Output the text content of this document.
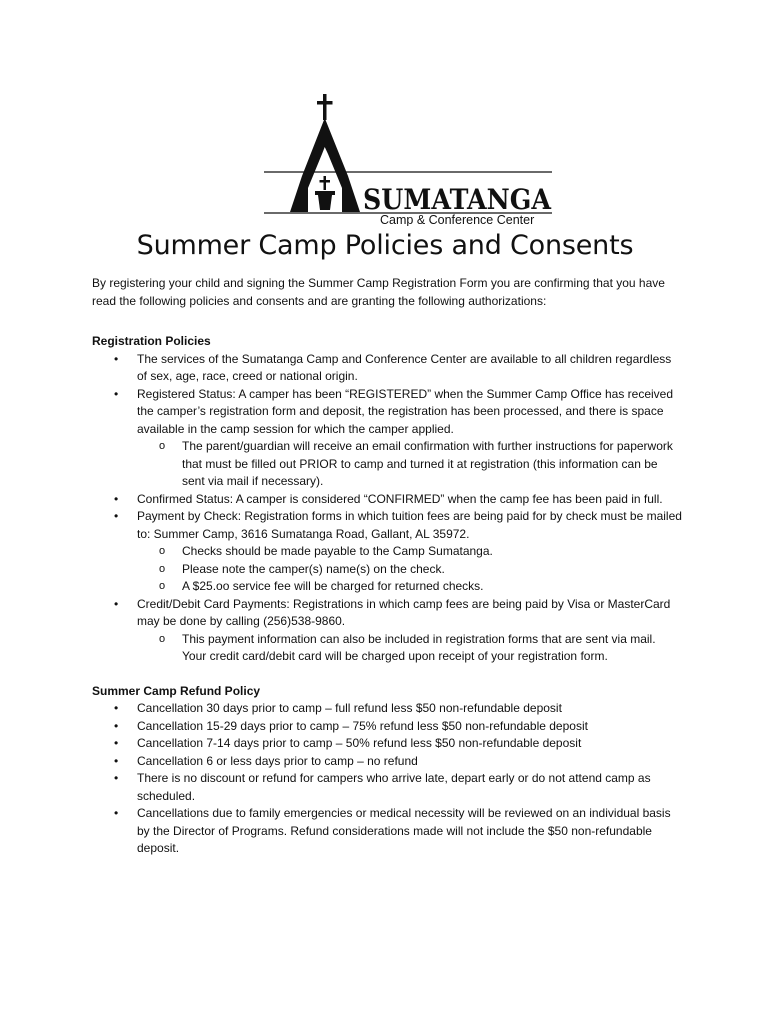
SUMATANGA
Camp & Conference Center
Summer Camp Policies and Consents

By registering your child and signing the Summer Camp Registration Form you are confirming that you have read the following policies and consents and are granting the following authorizations:

Registration Policies

• The services of the Sumatanga Camp and Conference Center are available to all children regardless of sex, age, race, creed or national origin.
• Registered Status: A camper has been “REGISTERED” when the Summer Camp Office has received the camper’s registration form and deposit, the registration has been processed, and there is space available in the camp session for which the camper applied.
o The parent/guardian will receive an email confirmation with further instructions for paperwork that must be filled out PRIOR to camp and turned it at registration (this information can be sent via mail if necessary).
• Confirmed Status: A camper is considered “CONFIRMED” when the camp fee has been paid in full.
• Payment by Check: Registration forms in which tuition fees are being paid for by check must be mailed to: Summer Camp, 3616 Sumatanga Road, Gallant, AL 35972.
o Checks should be made payable to the Camp Sumatanga.
o Please note the camper(s) name(s) on the check.
o A $25.oo service fee will be charged for returned checks.
• Credit/Debit Card Payments: Registrations in which camp fees are being paid by Visa or MasterCard may be done by calling (256)538-9860.
o This payment information can also be included in registration forms that are sent via mail. Your credit card/debit card will be charged upon receipt of your registration form.

Summer Camp Refund Policy

• Cancellation 30 days prior to camp – full refund less $50 non-refundable deposit
• Cancellation 15-29 days prior to camp – 75% refund less $50 non-refundable deposit
• Cancellation 7-14 days prior to camp – 50% refund less $50 non-refundable deposit
• Cancellation 6 or less days prior to camp – no refund
• There is no discount or refund for campers who arrive late, depart early or do not attend camp as scheduled.
• Cancellations due to family emergencies or medical necessity will be reviewed on an individual basis by the Director of Programs. Refund considerations made will not include the $50 non-refundable deposit.
